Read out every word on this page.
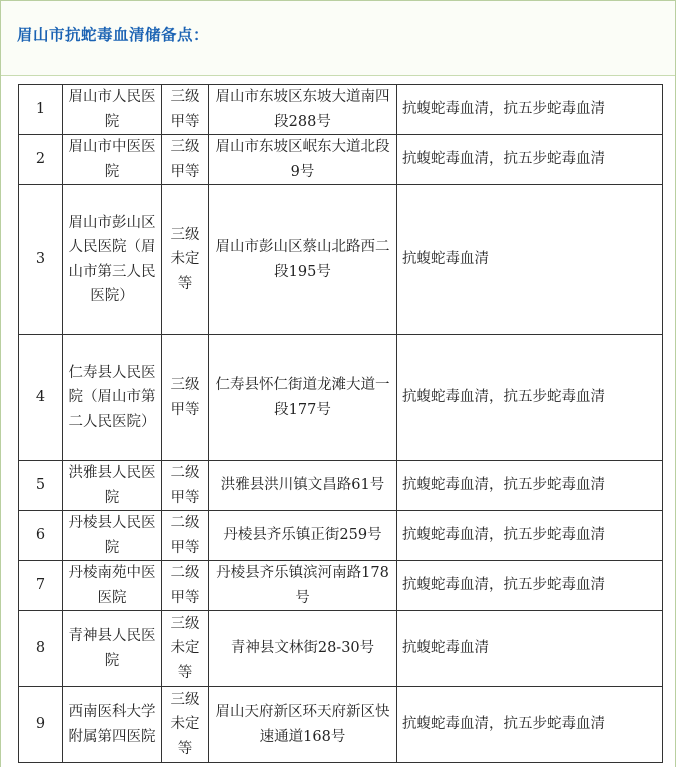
眉山市抗蛇毒血清储备点：
1	眉山市人民医院	三级甲等	眉山市东坡区东坡大道南四段288号	抗蝮蛇毒血清，抗五步蛇毒血清
2	眉山市中医医院	三级甲等	眉山市东坡区岷东大道北段9号	抗蝮蛇毒血清，抗五步蛇毒血清
3	眉山市彭山区人民医院（眉山市第三人民医院）	三级未定等	眉山市彭山区蔡山北路西二段195号	抗蝮蛇毒血清
4	仁寿县人民医院（眉山市第二人民医院）	三级甲等	仁寿县怀仁街道龙滩大道一段177号	抗蝮蛇毒血清，抗五步蛇毒血清
5	洪雅县人民医院	二级甲等	洪雅县洪川镇文昌路61号	抗蝮蛇毒血清，抗五步蛇毒血清
6	丹棱县人民医院	二级甲等	丹棱县齐乐镇正街259号	抗蝮蛇毒血清，抗五步蛇毒血清
7	丹棱南苑中医医院	二级甲等	丹棱县齐乐镇滨河南路178号	抗蝮蛇毒血清，抗五步蛇毒血清
8	青神县人民医院	三级未定等	青神县文林街28-30号	抗蝮蛇毒血清
9	西南医科大学附属第四医院	三级未定等	眉山天府新区环天府新区快速通道168号	抗蝮蛇毒血清，抗五步蛇毒血清
